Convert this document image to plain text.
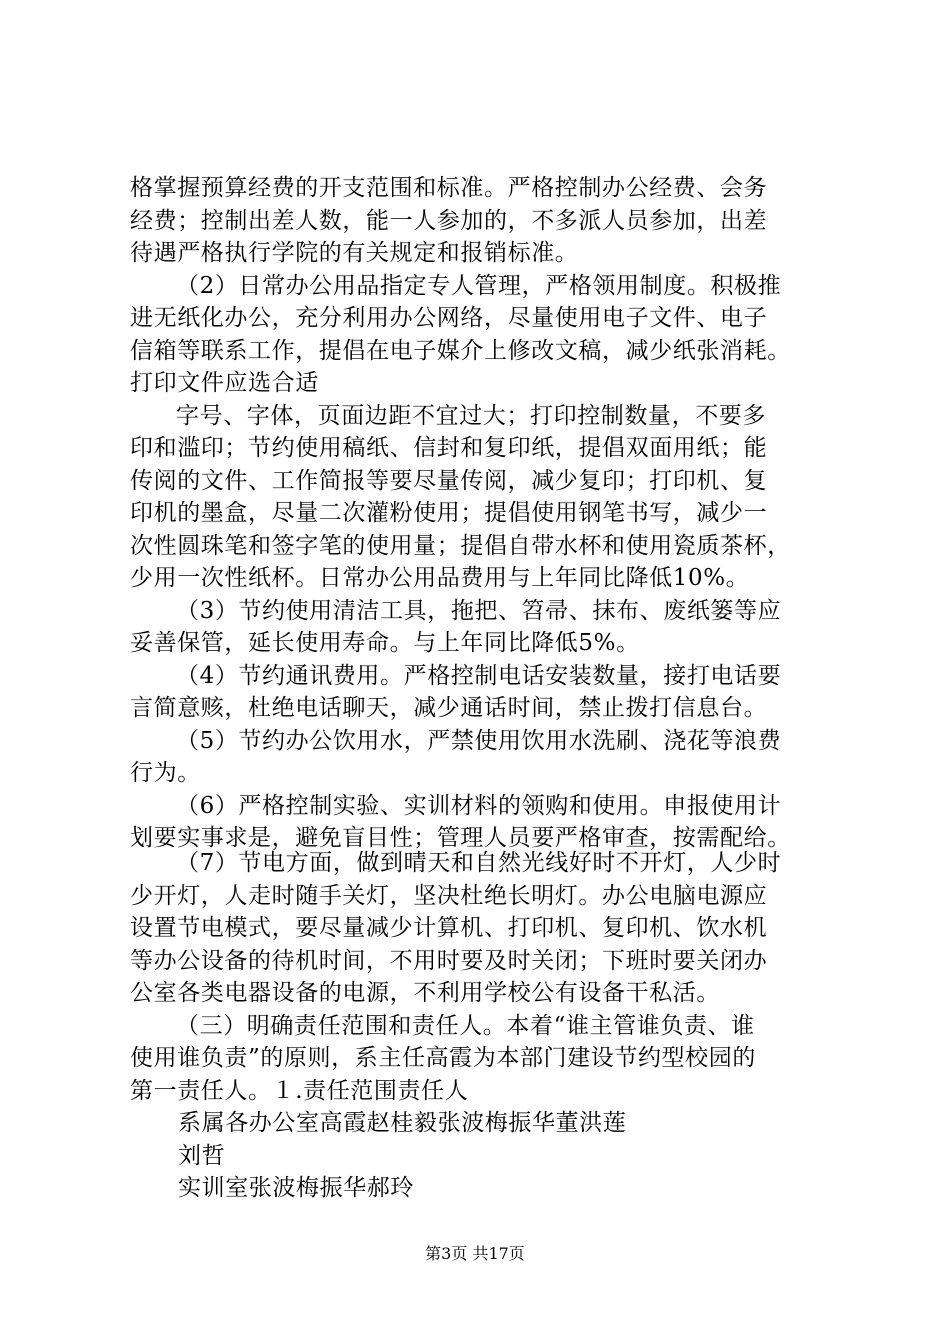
格掌握预算经费的开支范围和标准。严格控制办公经费、会务
经费；控制出差人数，能一人参加的，不多派人员参加，出差
待遇严格执行学院的有关规定和报销标准。
（2）日常办公用品指定专人管理，严格领用制度。积极推
进无纸化办公，充分利用办公网络，尽量使用电子文件、电子
信箱等联系工作，提倡在电子媒介上修改文稿，减少纸张消耗。
打印文件应选合适
字号、字体，页面边距不宜过大；打印控制数量，不要多
印和滥印；节约使用稿纸、信封和复印纸，提倡双面用纸；能
传阅的文件、工作简报等要尽量传阅，减少复印；打印机、复
印机的墨盒，尽量二次灌粉使用；提倡使用钢笔书写，减少一
次性圆珠笔和签字笔的使用量；提倡自带水杯和使用瓷质茶杯，
少用一次性纸杯。日常办公用品费用与上年同比降低10%。
（3）节约使用清洁工具，拖把、笤帚、抹布、废纸篓等应
妥善保管，延长使用寿命。与上年同比降低5%。
（4）节约通讯费用。严格控制电话安装数量，接打电话要
言简意赅，杜绝电话聊天，减少通话时间，禁止拨打信息台。
（5）节约办公饮用水，严禁使用饮用水洗刷、浇花等浪费
行为。
（6）严格控制实验、实训材料的领购和使用。申报使用计
划要实事求是，避免盲目性；管理人员要严格审查，按需配给。
（7）节电方面，做到晴天和自然光线好时不开灯，人少时
少开灯，人走时随手关灯，坚决杜绝长明灯。办公电脑电源应
设置节电模式，要尽量减少计算机、打印机、复印机、饮水机
等办公设备的待机时间，不用时要及时关闭；下班时要关闭办
公室各类电器设备的电源，不利用学校公有设备干私活。
（三）明确责任范围和责任人。本着“谁主管谁负责、谁
使用谁负责”的原则，系主任高霞为本部门建设节约型校园的
第一责任人。１.责任范围责任人
系属各办公室高霞赵桂毅张波梅振华董洪莲
刘哲
实训室张波梅振华郝玲
第3页 共17页
